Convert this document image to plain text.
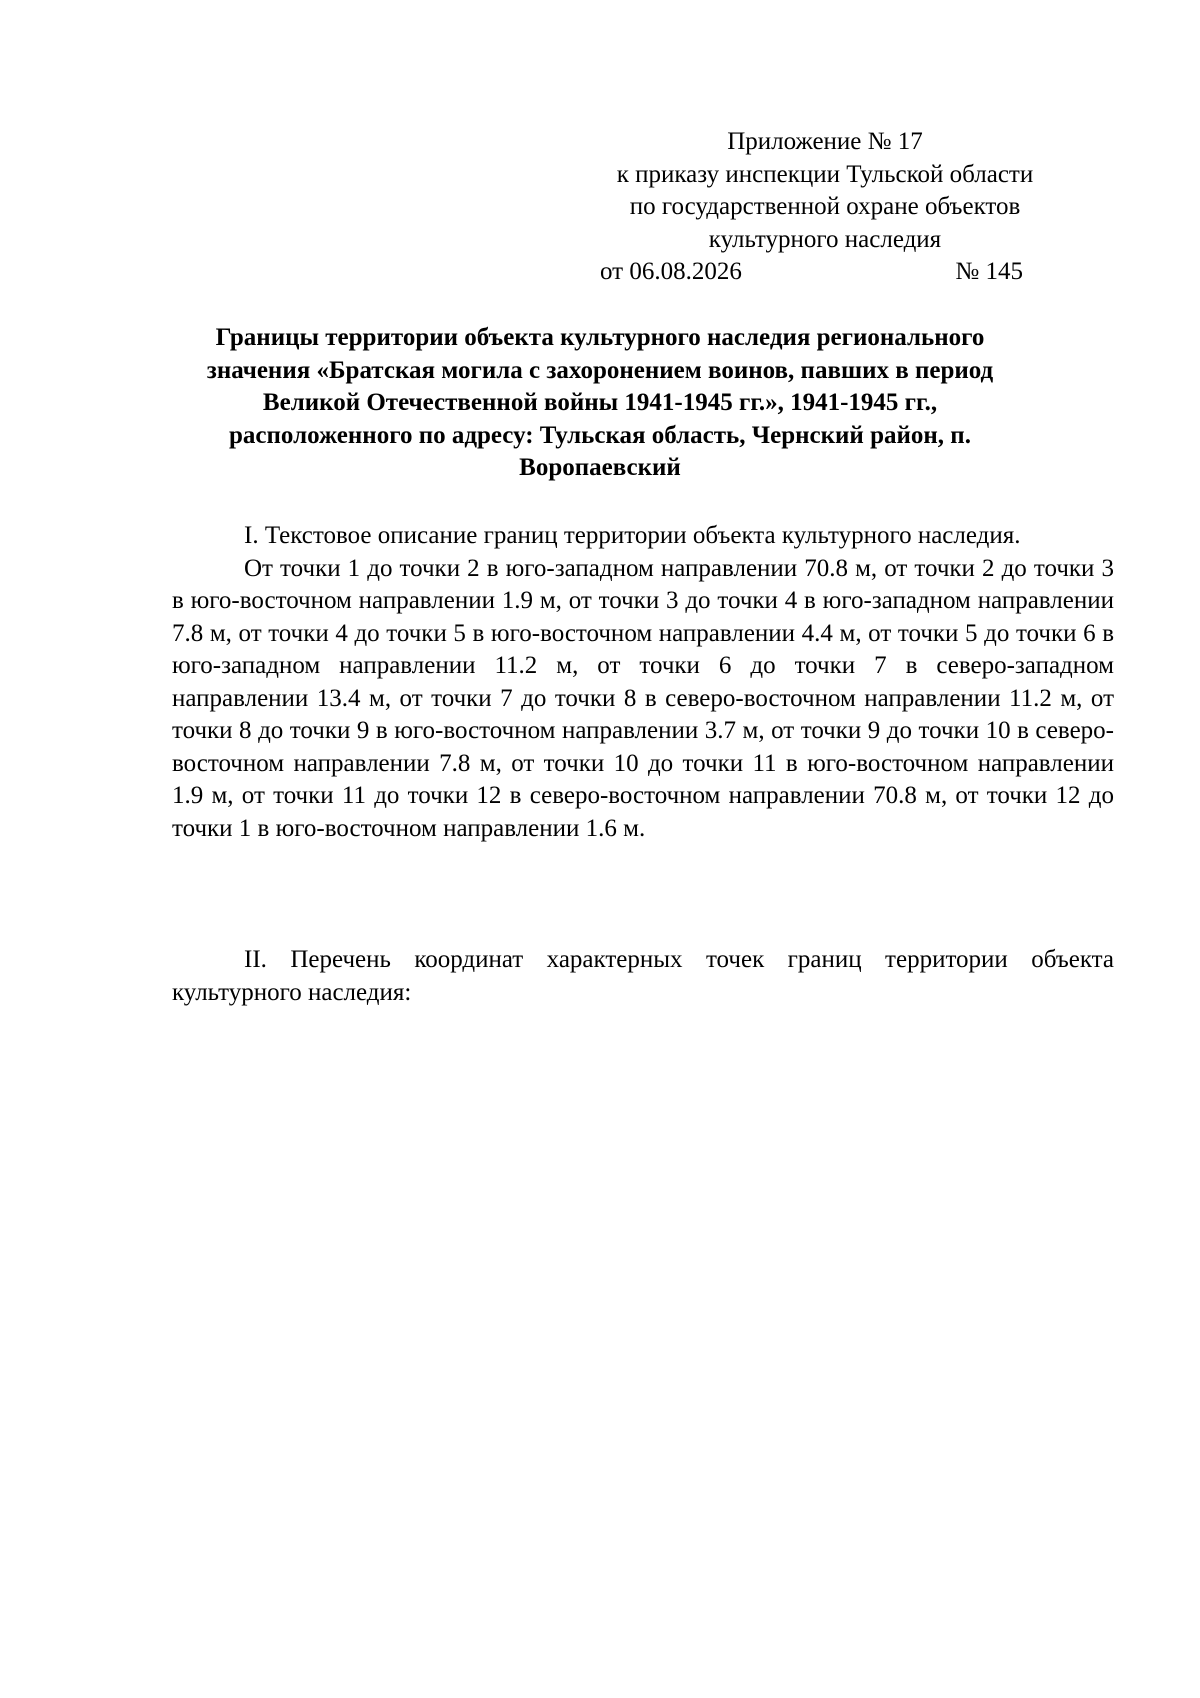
Приложение № 17
к приказу инспекции Тульской области
по государственной охране объектов
культурного наследия
от 06.08.2026	№ 145
Границы территории объекта культурного наследия регионального значения «Братская могила с захоронением воинов, павших в период Великой Отечественной войны 1941-1945 гг.», 1941-1945 гг., расположенного по адресу: Тульская область, Чернский район, п. Воропаевский

I. Текстовое описание границ территории объекта культурного наследия.

От точки 1 до точки 2 в юго-западном направлении 70.8 м, от точки 2 до точки 3 в юго-восточном направлении 1.9 м, от точки 3 до точки 4 в юго-западном направлении 7.8 м, от точки 4 до точки 5 в юго-восточном направлении 4.4 м, от точки 5 до точки 6 в юго-западном направлении 11.2 м, от точки 6 до точки 7 в северо-западном направлении 13.4 м, от точки 7 до точки 8 в северо-восточном направлении 11.2 м, от точки 8 до точки 9 в юго-восточном направлении 3.7 м, от точки 9 до точки 10 в северо-восточном направлении 7.8 м, от точки 10 до точки 11 в юго-восточном направлении 1.9 м, от точки 11 до точки 12 в северо-восточном направлении 70.8 м, от точки 12 до точки 1 в юго-восточном направлении 1.6 м.

II. Перечень координат характерных точек границ территории объекта культурного наследия:
